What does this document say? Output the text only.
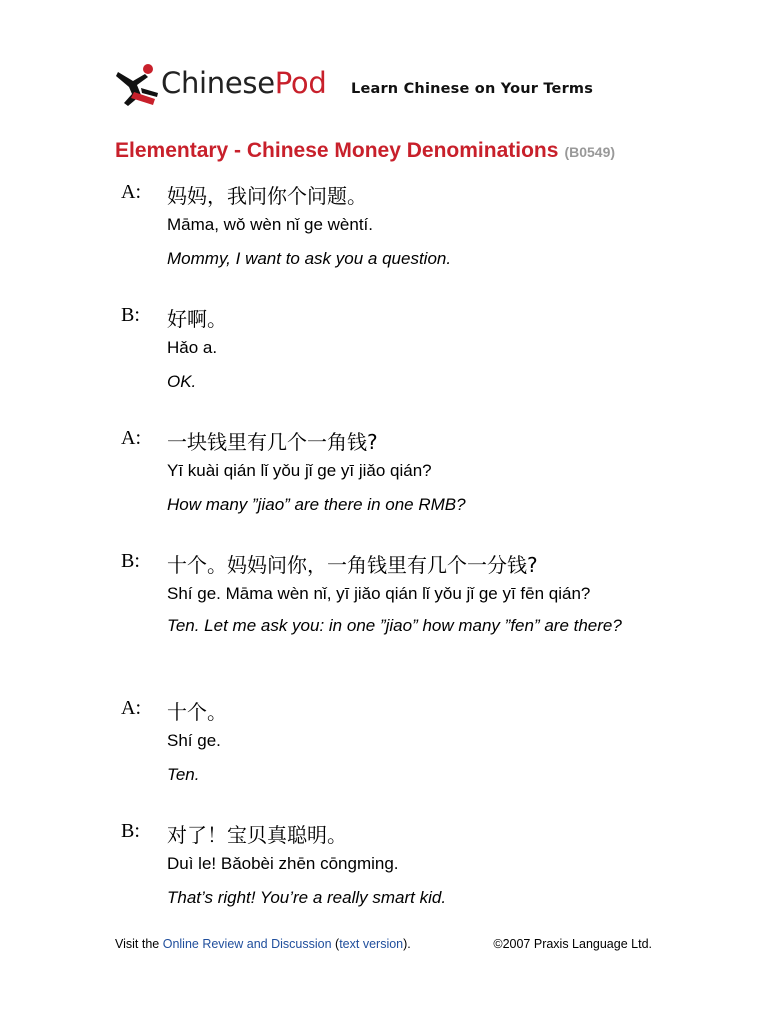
ChinesePod Learn Chinese on Your Terms
Elementary - Chinese Money Denominations (B0549)
A: 妈妈，我问你个问题。
Māma, wǒ wèn nǐ ge wèntí.
Mommy, I want to ask you a question.
B: 好啊。
Hǎo a.
OK.
A: 一块钱里有几个一角钱?
Yī kuài qián lǐ yǒu jǐ ge yī jiǎo qián?
How many ”jiao” are there in one RMB?
B: 十个。妈妈问你，一角钱里有几个一分钱?
Shí ge. Māma wèn nǐ, yī jiǎo qián lǐ yǒu jǐ ge yī fēn qián?
Ten. Let me ask you: in one ”jiao” how many ”fen” are there?
A: 十个。
Shí ge.
Ten.
B: 对了！宝贝真聪明。
Duì le! Bǎobèi zhēn cōngming.
That’s right! You’re a really smart kid.
Visit the Online Review and Discussion (text version).	©2007 Praxis Language Ltd.
